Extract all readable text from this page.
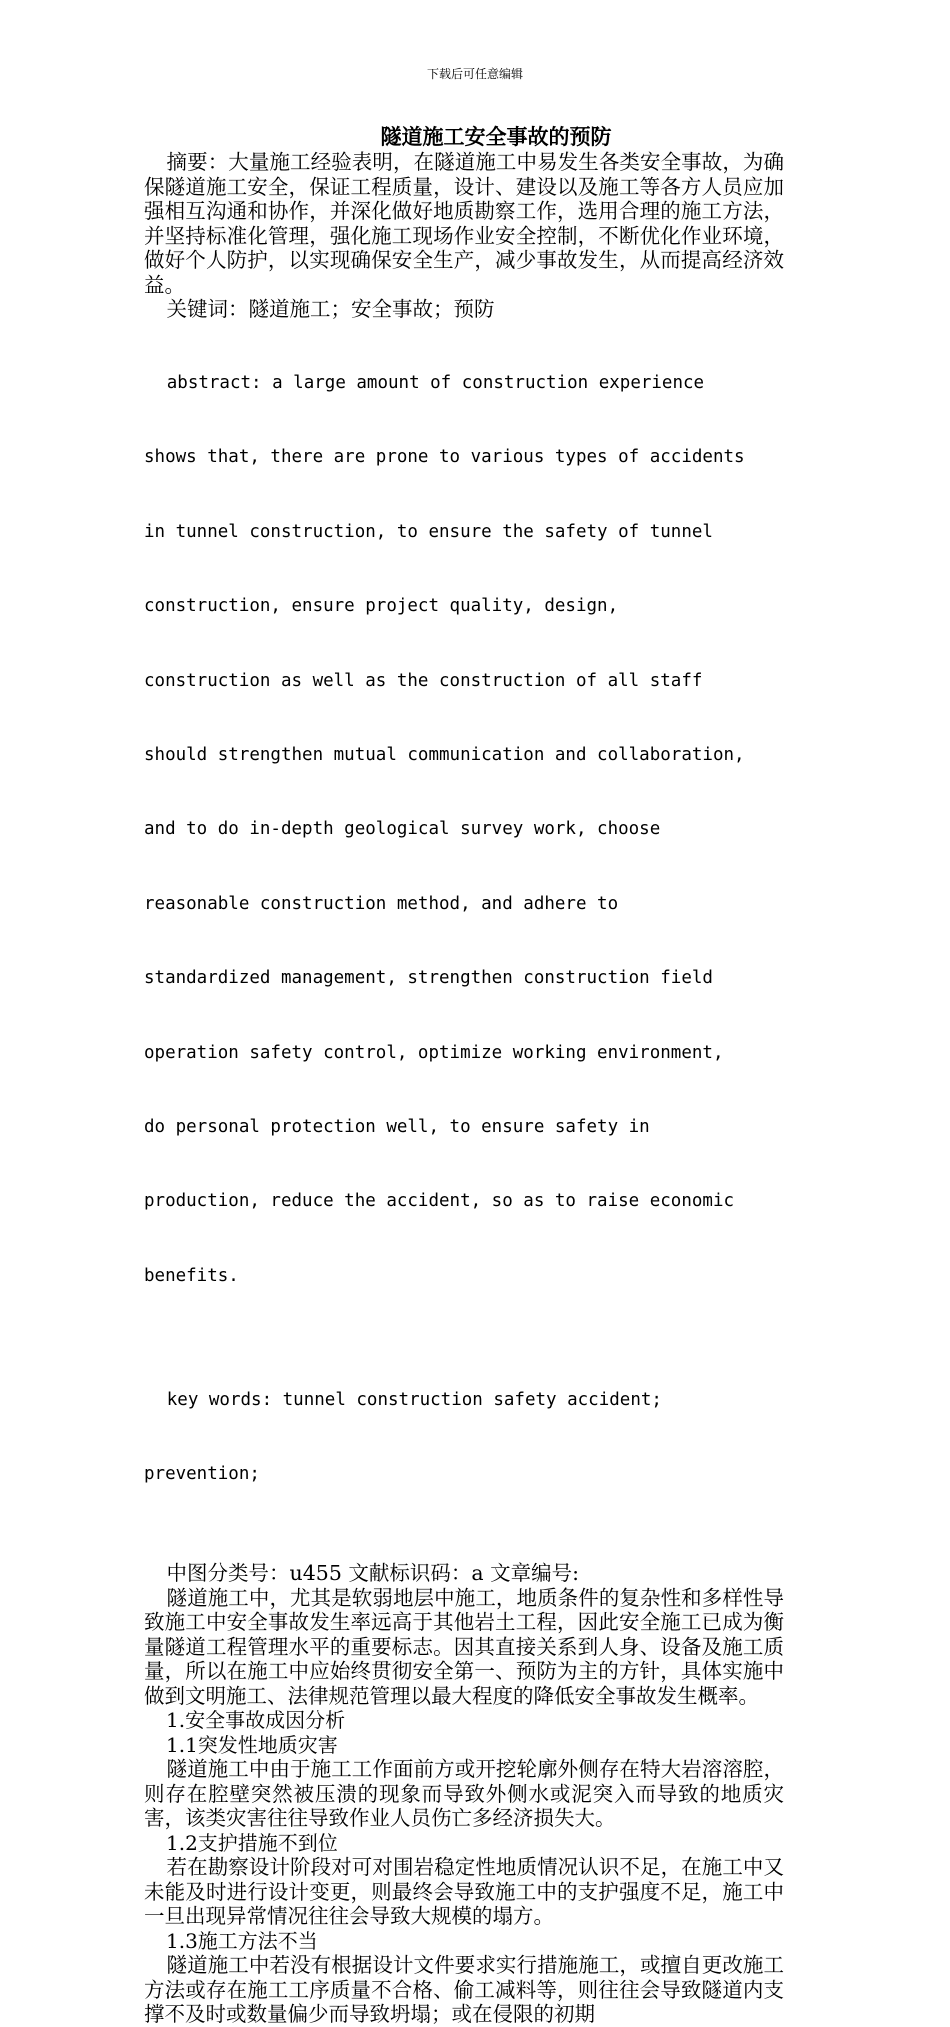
下载后可任意编辑
隧道施工安全事故的预防

摘要：大量施工经验表明，在隧道施工中易发生各类安全事故，为确保隧道施工安全，保证工程质量，设计、建设以及施工等各方人员应加强相互沟通和协作，并深化做好地质勘察工作，选用合理的施工方法，并坚持标准化管理，强化施工现场作业安全控制，不断优化作业环境，做好个人防护，以实现确保安全生产，减少事故发生，从而提高经济效益。

关键词：隧道施工；安全事故；预防

abstract: a large amount of construction experience

shows that, there are prone to various types of accidents

in tunnel construction, to ensure the safety of tunnel

construction, ensure project quality, design,

construction as well as the construction of all staff

should strengthen mutual communication and collaboration,

and to do in-depth geological survey work, choose

reasonable construction method, and adhere to

standardized management, strengthen construction field

operation safety control, optimize working environment,

do personal protection well, to ensure safety in

production, reduce the accident, so as to raise economic

benefits.

key words: tunnel construction safety accident;

prevention;

中图分类号：u455 文献标识码：a 文章编号:

隧道施工中，尤其是软弱地层中施工，地质条件的复杂性和多样性导致施工中安全事故发生率远高于其他岩土工程，因此安全施工已成为衡量隧道工程管理水平的重要标志。因其直接关系到人身、设备及施工质量，所以在施工中应始终贯彻安全第一、预防为主的方针，具体实施中做到文明施工、法律规范管理以最大程度的降低安全事故发生概率。

1.安全事故成因分析

1.1突发性地质灾害

隧道施工中由于施工工作面前方或开挖轮廓外侧存在特大岩溶溶腔，则存在腔壁突然被压溃的现象而导致外侧水或泥突入而导致的地质灾害，该类灾害往往导致作业人员伤亡多经济损失大。

1.2支护措施不到位

若在勘察设计阶段对可对围岩稳定性地质情况认识不足，在施工中又未能及时进行设计变更，则最终会导致施工中的支护强度不足，施工中一旦出现异常情况往往会导致大规模的塌方。

1.3施工方法不当

隧道施工中若没有根据设计文件要求实行措施施工，或擅自更改施工方法或存在施工工序质量不合格、偷工减料等，则往往会导致隧道内支撑不及时或数量偏少而导致坍塌；或在侵限的初期
